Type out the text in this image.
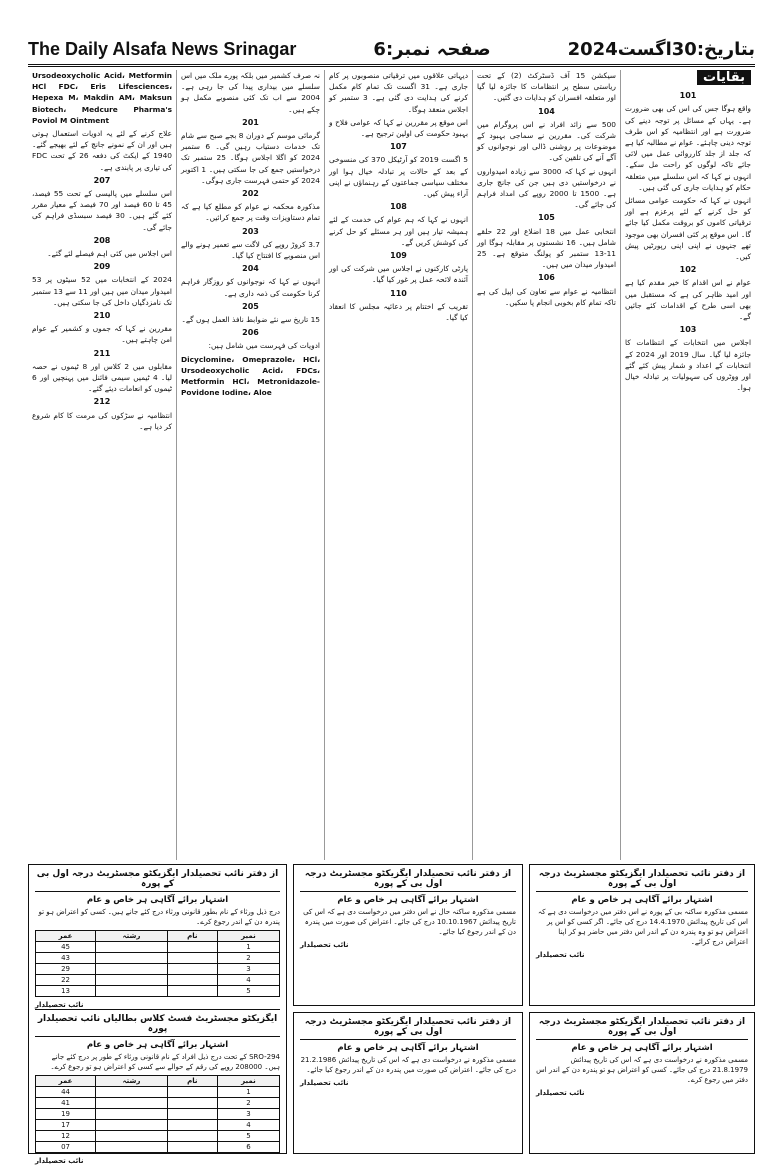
The Daily Alsafa News Srinagar	صفحہ نمبر:6	بتاریخ:30اگست2024
بقایات
101

واقع ہوگا جس کی اس کی بھی ضرورت ہے۔ یہاں کے مسائل پر توجہ دینے کی ضرورت ہے اور انتظامیہ کو اس طرف توجہ دینی چاہئے۔ عوام نے مطالبہ کیا ہے کہ جلد از جلد کارروائی عمل میں لائی جائے تاکہ لوگوں کو راحت مل سکے۔ انہوں نے کہا کہ اس سلسلے میں متعلقہ حکام کو ہدایات جاری کی گئی ہیں۔

انہوں نے کہا کہ حکومت عوامی مسائل کو حل کرنے کے لئے پرعزم ہے اور ترقیاتی کاموں کو بروقت مکمل کیا جائے گا۔ اس موقع پر کئی افسران بھی موجود تھے جنہوں نے اپنی اپنی رپورٹیں پیش کیں۔

102

عوام نے اس اقدام کا خیر مقدم کیا ہے اور امید ظاہر کی ہے کہ مستقبل میں بھی اسی طرح کے اقدامات کئے جائیں گے۔

103

اجلاس میں انتخابات کے انتظامات کا جائزہ لیا گیا۔ سال 2019 اور 2024 کے انتخابات کے اعداد و شمار پیش کئے گئے اور ووٹروں کی سہولیات پر تبادلہ خیال ہوا۔

سیکشن 15 آف ڈسٹرکٹ (2) کے تحت ریاستی سطح پر انتظامات کا جائزہ لیا گیا اور متعلقہ افسران کو ہدایات دی گئیں۔

104

500 سے زائد افراد نے اس پروگرام میں شرکت کی۔ مقررین نے سماجی بہبود کے موضوعات پر روشنی ڈالی اور نوجوانوں کو آگے آنے کی تلقین کی۔

انہوں نے کہا کہ 3000 سے زیادہ امیدواروں نے درخواستیں دی ہیں جن کی جانچ جاری ہے۔ 1500 تا 2000 روپے کی امداد فراہم کی جائے گی۔

105

انتخابی عمل میں 18 اضلاع اور 22 حلقے شامل ہیں۔ 16 نشستوں پر مقابلہ ہوگا اور 11-13 ستمبر کو پولنگ متوقع ہے۔ 25 امیدوار میدان میں ہیں۔

106

انتظامیہ نے عوام سے تعاون کی اپیل کی ہے تاکہ تمام کام بخوبی انجام پا سکیں۔

دیہاتی علاقوں میں ترقیاتی منصوبوں پر کام جاری ہے۔ 31 اگست تک تمام کام مکمل کرنے کی ہدایت دی گئی ہے۔ 3 ستمبر کو اجلاس منعقد ہوگا۔

اس موقع پر مقررین نے کہا کہ عوامی فلاح و بہبود حکومت کی اولین ترجیح ہے۔

107

5 اگست 2019 کو آرٹیکل 370 کی منسوخی کے بعد کے حالات پر تبادلہ خیال ہوا اور مختلف سیاسی جماعتوں کے رہنماؤں نے اپنی آراء پیش کیں۔

108

انہوں نے کہا کہ ہم عوام کی خدمت کے لئے ہمیشہ تیار ہیں اور ہر مسئلے کو حل کرنے کی کوشش کریں گے۔

109

پارٹی کارکنوں نے اجلاس میں شرکت کی اور آئندہ لائحہ عمل پر غور کیا گیا۔

110

تقریب کے اختتام پر دعائیہ مجلس کا انعقاد کیا گیا۔

نہ صرف کشمیر میں بلکہ پورے ملک میں اس سلسلے میں بیداری پیدا کی جا رہی ہے۔ 2004 سے اب تک کئی منصوبے مکمل ہو چکے ہیں۔

201

گرمائی موسم کے دوران 8 بجے صبح سے شام تک خدمات دستیاب رہیں گی۔ 6 ستمبر 2024 کو اگلا اجلاس ہوگا۔ 25 ستمبر تک درخواستیں جمع کی جا سکتی ہیں۔ 1 اکتوبر 2024 کو حتمی فہرست جاری ہوگی۔

202

مذکورہ محکمہ نے عوام کو مطلع کیا ہے کہ تمام دستاویزات وقت پر جمع کرائیں۔

203

3.7 کروڑ روپے کی لاگت سے تعمیر ہونے والے اس منصوبے کا افتتاح کیا گیا۔

204

انہوں نے کہا کہ نوجوانوں کو روزگار فراہم کرنا حکومت کی ذمہ داری ہے۔

205

15 تاریخ سے نئے ضوابط نافذ العمل ہوں گے۔

206

ادویات کی فہرست میں شامل ہیں:

Dicyclomine، Omeprazole، HCl، Ursodeoxycholic Acid، FDCs، Metformin HCl، Metronidazole-Povidone Iodine، Aloe

Ursodeoxycholic Acid، Metformin HCl FDC، Eris Lifesciences، Hepexa M، Makdin AM، Maksun Biotech، Medcure Pharma's Poviol M Ointment

علاج کرنے کے لئے یہ ادویات استعمال ہوتی ہیں اور ان کے نمونے جانچ کے لئے بھیجے گئے۔ 1940 کے ایکٹ کی دفعہ 26 کے تحت FDC کی تیاری پر پابندی ہے۔

207

اس سلسلے میں پالیسی کے تحت 55 فیصد، 45 تا 60 فیصد اور 70 فیصد کے معیار مقرر کئے گئے ہیں۔ 30 فیصد سبسڈی فراہم کی جائے گی۔

208

اس اجلاس میں کئی اہم فیصلے لئے گئے۔

209

2024 کے انتخابات میں 52 سیٹوں پر 53 امیدوار میدان میں ہیں اور 11 سے 13 ستمبر تک نامزدگیاں داخل کی جا سکتی ہیں۔

210

مقررین نے کہا کہ جموں و کشمیر کے عوام امن چاہتے ہیں۔

211

مقابلوں میں 2 کلاس اور 8 ٹیموں نے حصہ لیا۔ 4 ٹیمیں سیمی فائنل میں پہنچیں اور 6 ٹیموں کو انعامات دیئے گئے۔

212

انتظامیہ نے سڑکوں کی مرمت کا کام شروع کر دیا ہے۔

از دفتر نائب تحصیلدار ایگزیکٹو مجسٹریٹ درجہ اول بی کے پورہ
اشتہار برائے آگاہی ہر خاص و عام
مسمی مذکورہ ساکنہ بی کے پورہ نے اس دفتر میں درخواست دی ہے کہ اس کی تاریخ پیدائش 14.4.1970 درج کی جائے۔ اگر کسی کو اس پر اعتراض ہو تو وہ پندرہ دن کے اندر اس دفتر میں حاضر ہو کر اپنا اعتراض درج کرائے۔
نائب تحصیلدار
از دفتر نائب تحصیلدار ایگزیکٹو مجسٹریٹ درجہ اول بی کے پورہ
اشتہار برائے آگاہی ہر خاص و عام
مسمی مذکورہ ساکنہ حال نے اس دفتر میں درخواست دی ہے کہ اس کی تاریخ پیدائش 10.10.1967 درج کی جائے۔ اعتراض کی صورت میں پندرہ دن کے اندر رجوع کیا جائے۔
نائب تحصیلدار
از دفتر نائب تحصیلدار ایگزیکٹو مجسٹریٹ درجہ اول بی کے پورہ
اشتہار برائے آگاہی ہر خاص و عام
مسمی مذکورہ نے درخواست دی ہے کہ اس کی تاریخ پیدائش 21.8.1979 درج کی جائے۔ کسی کو اعتراض ہو تو پندرہ دن کے اندر اس دفتر میں رجوع کرے۔
نائب تحصیلدار
از دفتر نائب تحصیلدار ایگزیکٹو مجسٹریٹ درجہ اول بی کے پورہ
اشتہار برائے آگاہی ہر خاص و عام
مسمی مذکورہ نے درخواست دی ہے کہ اس کی تاریخ پیدائش 21.2.1986 درج کی جائے۔ اعتراض کی صورت میں پندرہ دن کے اندر رجوع کیا جائے۔
نائب تحصیلدار
از دفتر نائب تحصیلدار ایگزیکٹو مجسٹریٹ درجہ اول بی کے پورہ
اشتہار برائے آگاہی ہر خاص و عام
درج ذیل ورثاء کے نام بطور قانونی ورثاء درج کئے جانے ہیں۔ کسی کو اعتراض ہو تو پندرہ دن کے اندر رجوع کرے۔
نمبر	نام	رشتہ	عمر
1			45
2			43
3			29
4			22
5			13
نائب تحصیلدار
ایگزیکٹو مجسٹریٹ فسٹ کلاس بطالیاں نائب تحصیلدار پورہ
اشتہار برائے آگاہی ہر خاص و عام
SRO-294 کے تحت درج ذیل افراد کے نام قانونی ورثاء کے طور پر درج کئے جانے ہیں۔ 208000 روپے کی رقم کے حوالے سے کسی کو اعتراض ہو تو رجوع کرے۔
نمبر	نام	رشتہ	عمر
1			44
2			41
3			19
4			17
5			12
6			07
نائب تحصیلدار
